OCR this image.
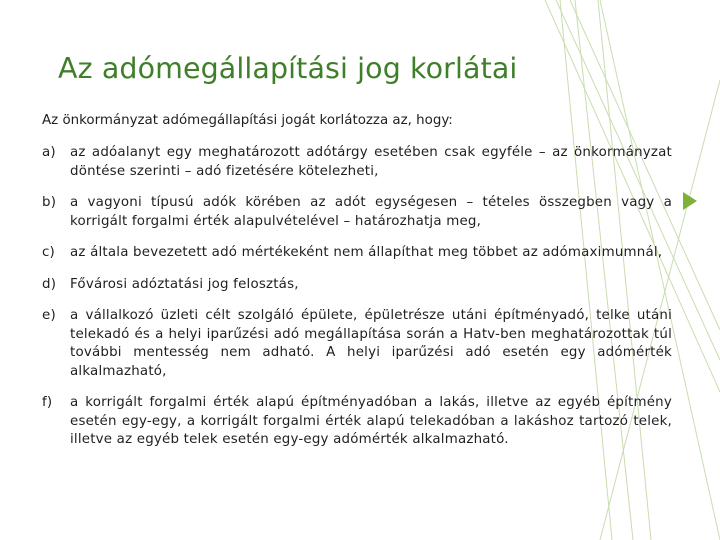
Az adómegállapítási jog korlátai

Az önkormányzat adómegállapítási jogát korlátozza az, hogy:

a) az adóalanyt egy meghatározott adótárgy esetében csak egyféle – az önkormányzat döntése szerinti – adó fizetésére kötelezheti,
b) a vagyoni típusú adók körében az adót egységesen – tételes összegben vagy a korrigált forgalmi érték alapulvételével – határozhatja meg,
c) az általa bevezetett adó mértékeként nem állapíthat meg többet az adómaximumnál,
d) Fővárosi adóztatási jog felosztás,
e) a vállalkozó üzleti célt szolgáló épülete, épületrésze utáni építményadó, telke utáni telekadó és a helyi iparűzési adó megállapítása során a Hatv-ben meghatározottak túl további mentesség nem adható. A helyi iparűzési adó esetén egy adómérték alkalmazható,
f) a korrigált forgalmi érték alapú építményadóban a lakás, illetve az egyéb építmény esetén egy-egy, a korrigált forgalmi érték alapú telekadóban a lakáshoz tartozó telek, illetve az egyéb telek esetén egy-egy adómérték alkalmazható.
